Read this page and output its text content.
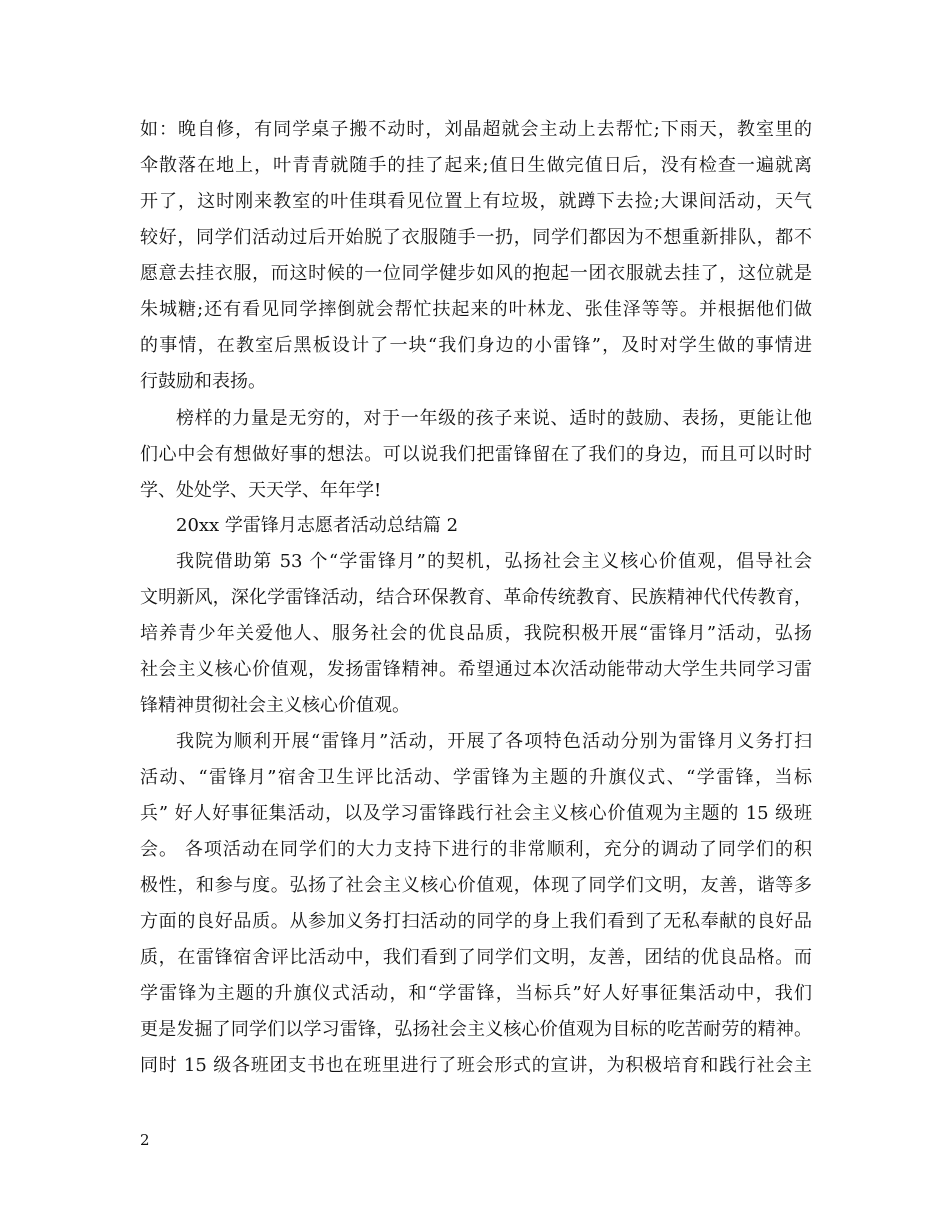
如：晚自修，有同学桌子搬不动时，刘晶超就会主动上去帮忙;下雨天，教室里的
伞散落在地上，叶青青就随手的挂了起来;值日生做完值日后，没有检查一遍就离
开了，这时刚来教室的叶佳琪看见位置上有垃圾，就蹲下去捡;大课间活动，天气
较好，同学们活动过后开始脱了衣服随手一扔，同学们都因为不想重新排队，都不
愿意去挂衣服，而这时候的一位同学健步如风的抱起一团衣服就去挂了，这位就是
朱城糖;还有看见同学摔倒就会帮忙扶起来的叶林龙、张佳泽等等。并根据他们做
的事情，在教室后黑板设计了一块“我们身边的小雷锋”，及时对学生做的事情进
行鼓励和表扬。
榜样的力量是无穷的，对于一年级的孩子来说、适时的鼓励、表扬，更能让他
们心中会有想做好事的想法。可以说我们把雷锋留在了我们的身边，而且可以时时
学、处处学、天天学、年年学!
20xx 学雷锋月志愿者活动总结篇 2
我院借助第 53 个“学雷锋月”的契机，弘扬社会主义核心价值观，倡导社会
文明新风，深化学雷锋活动，结合环保教育、革命传统教育、民族精神代代传教育，
培养青少年关爱他人、服务社会的优良品质，我院积极开展“雷锋月”活动，弘扬
社会主义核心价值观，发扬雷锋精神。希望通过本次活动能带动大学生共同学习雷
锋精神贯彻社会主义核心价值观。
我院为顺利开展“雷锋月”活动，开展了各项特色活动分别为雷锋月义务打扫
活动、“雷锋月”宿舍卫生评比活动、学雷锋为主题的升旗仪式、“学雷锋，当标
兵” 好人好事征集活动，以及学习雷锋践行社会主义核心价值观为主题的 15 级班
会。 各项活动在同学们的大力支持下进行的非常顺利，充分的调动了同学们的积
极性，和参与度。弘扬了社会主义核心价值观，体现了同学们文明，友善，谐等多
方面的良好品质。从参加义务打扫活动的同学的身上我们看到了无私奉献的良好品
质，在雷锋宿舍评比活动中，我们看到了同学们文明，友善，团结的优良品格。而
学雷锋为主题的升旗仪式活动，和“学雷锋，当标兵”好人好事征集活动中，我们
更是发掘了同学们以学习雷锋，弘扬社会主义核心价值观为目标的吃苦耐劳的精神。
同时 15 级各班团支书也在班里进行了班会形式的宣讲，为积极培育和践行社会主
2
